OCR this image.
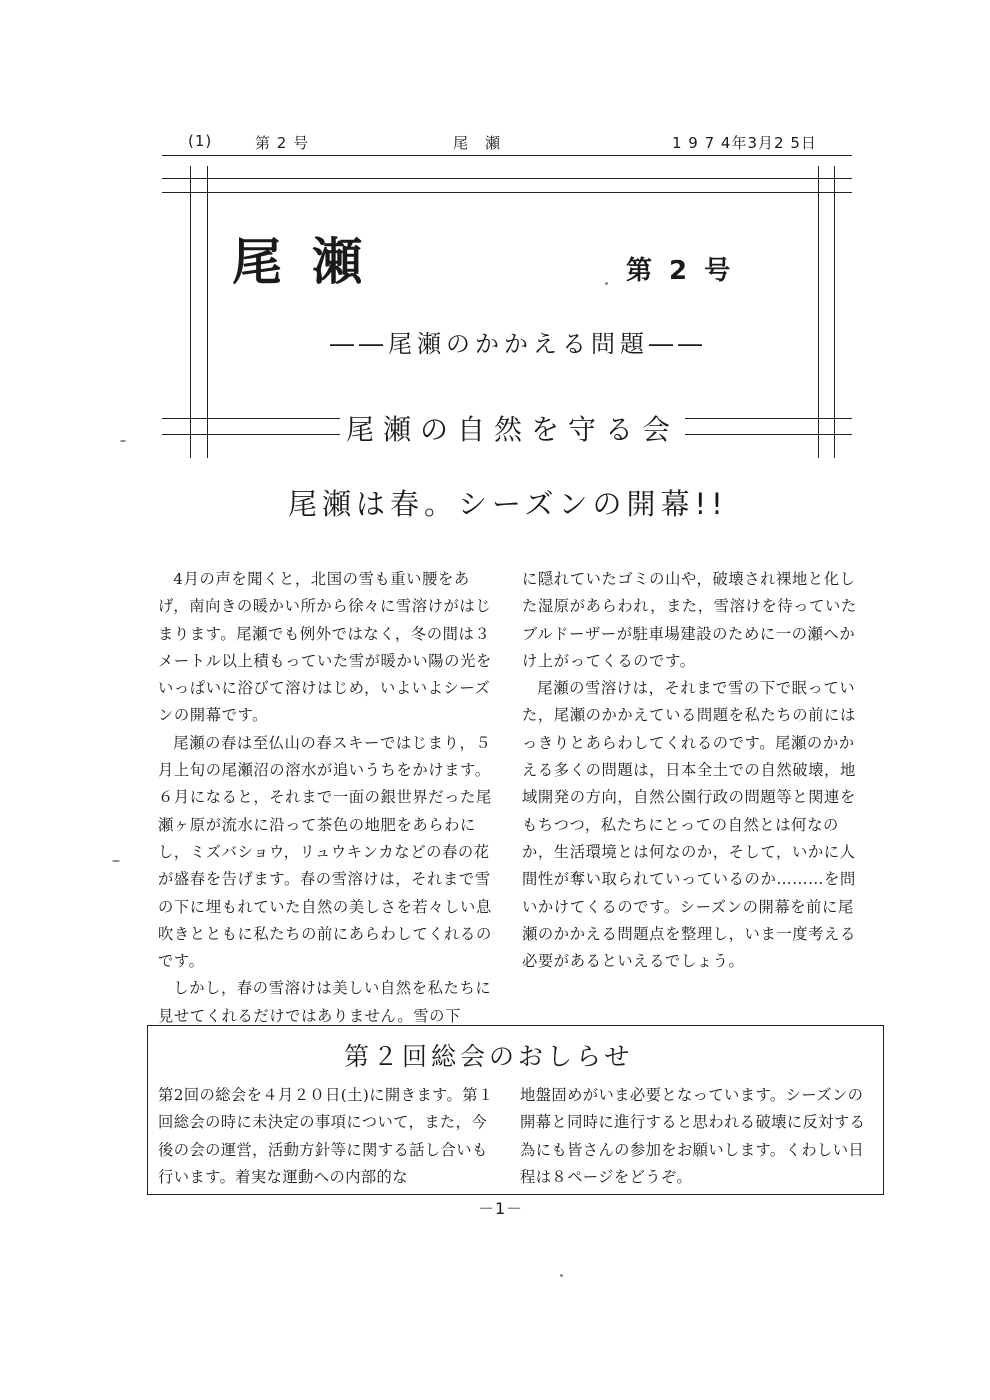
(1)	第 2 号	尾　瀬	1 9 7 4年3月2 5日
尾瀬	第 2 号
――尾瀬のかかえる問題――
尾瀬の自然を守る会
尾瀬は春。シーズンの開幕!!

4月の声を聞くと，北国の雪も重い腰をあげ，南向きの暖かい所から徐々に雪溶けがはじまります。尾瀬でも例外ではなく，冬の間は３メートル以上積もっていた雪が暖かい陽の光をいっぱいに浴びて溶けはじめ，いよいよシーズンの開幕です。

尾瀬の春は至仏山の春スキーではじまり，５月上旬の尾瀬沼の溶水が追いうちをかけます。６月になると，それまで一面の銀世界だった尾瀬ヶ原が流水に沿って茶色の地肥をあらわにし，ミズバショウ，リュウキンカなどの春の花が盛春を告げます。春の雪溶けは，それまで雪の下に埋もれていた自然の美しさを若々しい息吹きとともに私たちの前にあらわしてくれるのです。

しかし，春の雪溶けは美しい自然を私たちに見せてくれるだけではありません。雪の下

に隠れていたゴミの山や，破壊され裸地と化した湿原があらわれ，また，雪溶けを待っていたブルドーザーが駐車場建設のために一の瀬へかけ上がってくるのです。

尾瀬の雪溶けは，それまで雪の下で眠っていた，尾瀬のかかえている問題を私たちの前にはっきりとあらわしてくれるのです。尾瀬のかかえる多くの問題は，日本全土での自然破壊，地域開発の方向，自然公園行政の問題等と関連をもちつつ，私たちにとっての自然とは何なのか，生活環境とは何なのか，そして，いかに人間性が奪い取られていっているのか………を問いかけてくるのです。シーズンの開幕を前に尾瀬のかかえる問題点を整理し，いま一度考える必要があるといえるでしょう。

第２回総会のおしらせ

第2回の総会を４月２０日(土)に開きます。第１回総会の時に未決定の事項について，また，今後の会の運営，活動方針等に関する話し合いも行います。着実な運動への内部的な

地盤固めがいま必要となっています。シーズンの開幕と同時に進行すると思われる破壊に反対する為にも皆さんの参加をお願いします。くわしい日程は８ページをどうぞ。

－1－
